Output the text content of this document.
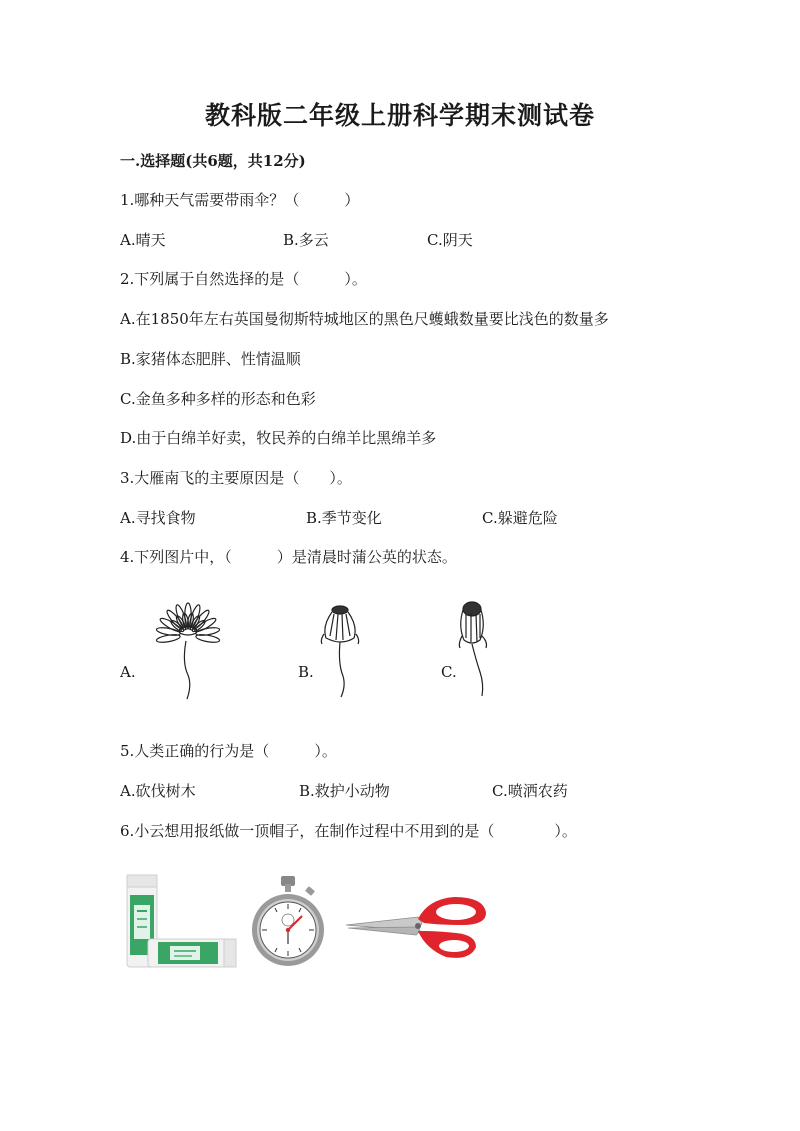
教科版二年级上册科学期末测试卷
一.选择题(共6题，共12分)
1.哪种天气需要带雨伞？（　　　）
A.晴天	B.多云	C.阴天
2.下列属于自然选择的是（　　　）。
A.在1850年左右英国曼彻斯特城地区的黑色尺蠖蛾数量要比浅色的数量多
B.家猪体态肥胖、性情温顺
C.金鱼多种多样的形态和色彩
D.由于白绵羊好卖，牧民养的白绵羊比黑绵羊多
3.大雁南飞的主要原因是（　　）。
A.寻找食物	B.季节变化	C.躲避危险
4.下列图片中，（　　　）是清晨时蒲公英的状态。
A.	B.	C.
5.人类正确的行为是（　　　）。
A.砍伐树木	B.救护小动物	C.喷洒农药
6.小云想用报纸做一顶帽子，在制作过程中不用到的是（　　　　）。
